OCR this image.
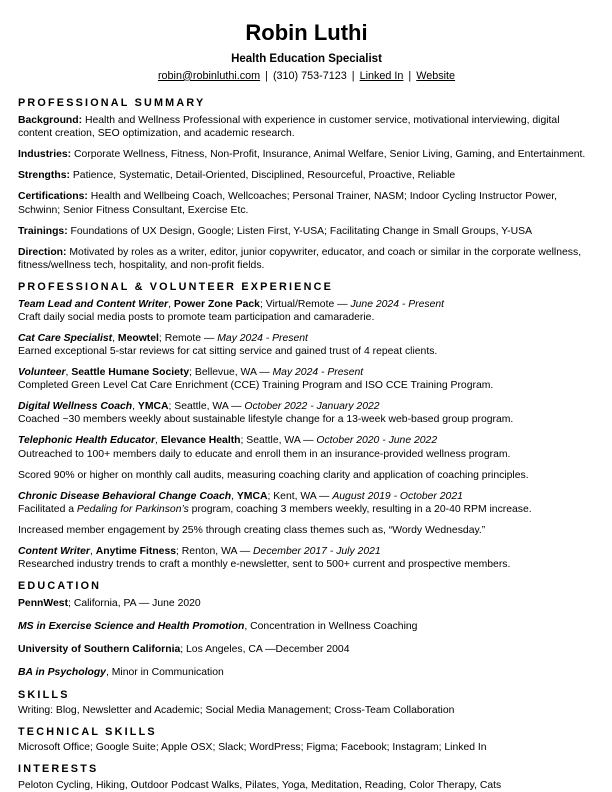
Robin Luthi
Health Education Specialist
robin@robinluthi.com | (310) 753-7123 | Linked In | Website
PROFESSIONAL SUMMARY

Background: Health and Wellness Professional with experience in customer service, motivational interviewing, digital content creation, SEO optimization, and academic research.

Industries: Corporate Wellness, Fitness, Non-Profit, Insurance, Animal Welfare, Senior Living, Gaming, and Entertainment.

Strengths: Patience, Systematic, Detail-Oriented, Disciplined, Resourceful, Proactive, Reliable

Certifications: Health and Wellbeing Coach, Wellcoaches; Personal Trainer, NASM; Indoor Cycling Instructor Power, Schwinn; Senior Fitness Consultant, Exercise Etc.

Trainings: Foundations of UX Design, Google; Listen First, Y-USA; Facilitating Change in Small Groups, Y-USA

Direction: Motivated by roles as a writer, editor, junior copywriter, educator, and coach or similar in the corporate wellness, fitness/wellness tech, hospitality, and non-profit fields.

PROFESSIONAL & VOLUNTEER EXPERIENCE

Team Lead and Content Writer, Power Zone Pack; Virtual/Remote — June 2024 - Present

Craft daily social media posts to promote team participation and camaraderie.

Cat Care Specialist, Meowtel; Remote — May 2024 - Present

Earned exceptional 5-star reviews for cat sitting service and gained trust of 4 repeat clients.

Volunteer, Seattle Humane Society; Bellevue, WA — May 2024 - Present

Completed Green Level Cat Care Enrichment (CCE) Training Program and ISO CCE Training Program.

Digital Wellness Coach, YMCA; Seattle, WA — October 2022 - January 2022

Coached ~30 members weekly about sustainable lifestyle change for a 13-week web-based group program.

Telephonic Health Educator, Elevance Health; Seattle, WA — October 2020 - June 2022

Outreached to 100+ members daily to educate and enroll them in an insurance-provided wellness program.

Scored 90% or higher on monthly call audits, measuring coaching clarity and application of coaching principles.

Chronic Disease Behavioral Change Coach, YMCA; Kent, WA — August 2019 - October 2021

Facilitated a Pedaling for Parkinson’s program, coaching 3 members weekly, resulting in a 20-40 RPM increase.

Increased member engagement by 25% through creating class themes such as, “Wordy Wednesday.”

Content Writer, Anytime Fitness; Renton, WA — December 2017 - July 2021

Researched industry trends to craft a monthly e-newsletter, sent to 500+ current and prospective members.

EDUCATION

PennWest; California, PA — June 2020

MS in Exercise Science and Health Promotion, Concentration in Wellness Coaching

University of Southern California; Los Angeles, CA —December 2004

BA in Psychology, Minor in Communication

SKILLS

Writing: Blog, Newsletter and Academic; Social Media Management; Cross-Team Collaboration

TECHNICAL SKILLS

Microsoft Office; Google Suite; Apple OSX; Slack; WordPress; Figma; Facebook; Instagram; Linked In

INTERESTS

Peloton Cycling, Hiking, Outdoor Podcast Walks, Pilates, Yoga, Meditation, Reading, Color Therapy, Cats
